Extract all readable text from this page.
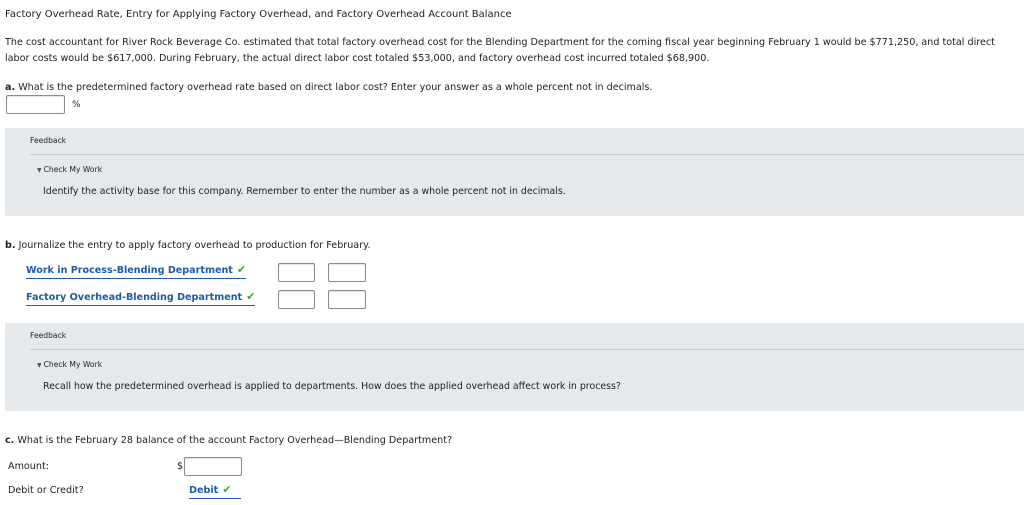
Factory Overhead Rate, Entry for Applying Factory Overhead, and Factory Overhead Account Balance
The cost accountant for River Rock Beverage Co. estimated that total factory overhead cost for the Blending Department for the coming fiscal year beginning February 1 would be $771,250, and total direct labor costs would be $617,000. During February, the actual direct labor cost totaled $53,000, and factory overhead cost incurred totaled $68,900.
a. What is the predetermined factory overhead rate based on direct labor cost? Enter your answer as a whole percent not in decimals.
%
Feedback
▼ Check My Work
Identify the activity base for this company. Remember to enter the number as a whole percent not in decimals.
b. Journalize the entry to apply factory overhead to production for February.
Work in Process-Blending Department ✔
Factory Overhead-Blending Department ✔
Feedback
▼ Check My Work
Recall how the predetermined overhead is applied to departments. How does the applied overhead affect work in process?
c. What is the February 28 balance of the account Factory Overhead—Blending Department?
Amount:	$
Debit or Credit?	Debit ✔
